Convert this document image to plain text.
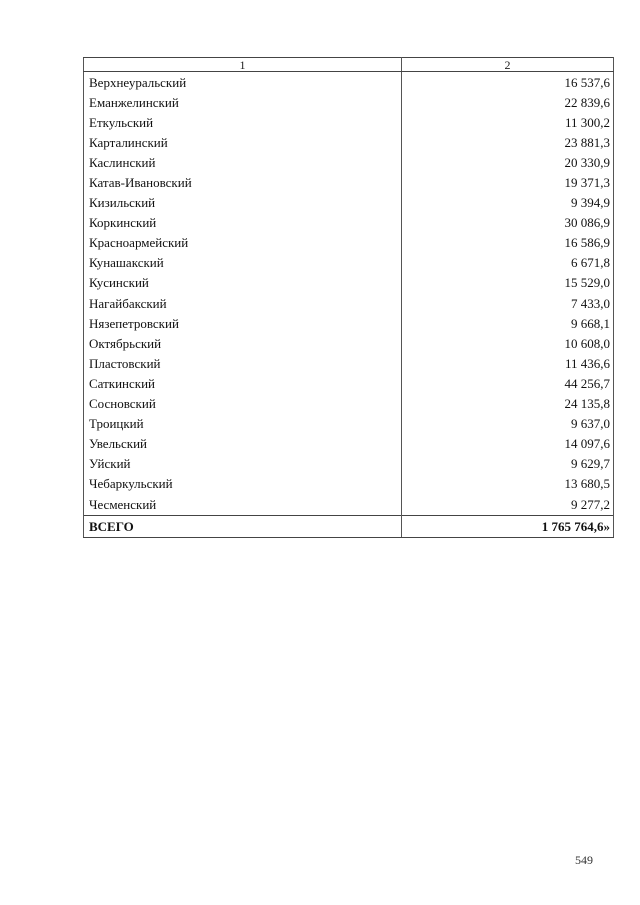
1	2
Верхнеуральский	16 537,6
Еманжелинский	22 839,6
Еткульский	11 300,2
Карталинский	23 881,3
Каслинский	20 330,9
Катав-Ивановский	19 371,3
Кизильский	9 394,9
Коркинский	30 086,9
Красноармейский	16 586,9
Кунашакский	6 671,8
Кусинский	15 529,0
Нагайбакский	7 433,0
Нязепетровский	9 668,1
Октябрьский	10 608,0
Пластовский	11 436,6
Саткинский	44 256,7
Сосновский	24 135,8
Троицкий	9 637,0
Увельский	14 097,6
Уйский	9 629,7
Чебаркульский	13 680,5
Чесменский	9 277,2
ВСЕГО	1 765 764,6»
549
